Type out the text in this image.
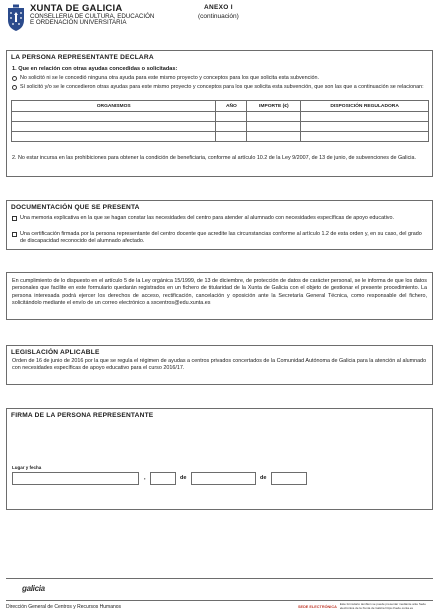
XUNTA DE GALICIA
CONSELLERIA DE CULTURA, EDUCACIÓN
E ORDENACIÓN UNIVERSITARIA
ANEXO I
(continuación)
LA PERSONA REPRESENTANTE DECLARA
1. Que en relación con otras ayudas concedidas o solicitadas:
No solicitó ni se le concedió ninguna otra ayuda para este mismo proyecto y conceptos para los que solicita esta subvención.
Sí solicitó y/o se le concedieron otras ayudas para este mismo proyecto y conceptos para los que solicita esta subvención, que son las que a continuación se relacionan:
ORGANISMOS	AÑO	IMPORTE (€)	DISPOSICIÓN REGULADORA

2. No estar incursa en las prohibiciones para obtener la condición de beneficiaria, conforme al artículo 10.2 de la Ley 9/2007, de 13 de junio, de subvenciones de Galicia.
DOCUMENTACIÓN QUE SE PRESENTA
Una memoria explicativa en la que se hagan constar las necesidades del centro para atender al alumnado con necesidades específicas de apoyo educativo.
Una certificación firmada por la persona representante del centro docente que acredite las circunstancias conforme al artículo 1.2 de esta orden y, en su caso, del grado de discapacidad reconocido del alumnado afectado.
En cumplimiento de lo dispuesto en el artículo 5 de la Ley orgánica 15/1999, de 13 de diciembre, de protección de datos de carácter personal, se le informa de que los datos personales que facilite en este formulario quedarán registrados en un fichero de titularidad de la Xunta de Galicia con el objeto de gestionar el presente procedimiento. La persona interesada podrá ejercer los derechos de acceso, rectificación, cancelación y oposición ante la Secretaría General Técnica, como responsable del fichero, solicitándolo mediante el envío de un correo electrónico a sxcentros@edu.xunta.es
LEGISLACIÓN APLICABLE
Orden de 16 de junio de 2016 por la que se regula el régimen de ayudas a centros privados concertados de la Comunidad Autónoma de Galicia para la atención al alumnado con necesidades específicas de apoyo educativo para el curso 2016/17.
FIRMA DE LA PERSONA REPRESENTANTE
Lugar y fecha
,	de	de
galicia
Dirección General de Centros y Recursos Humanos	SEDE ELECTRÓNICA
Este formulario también se puede presentar mediante ante Sede electrónica de la Xunta de Galicia https://sede.xunta.es
